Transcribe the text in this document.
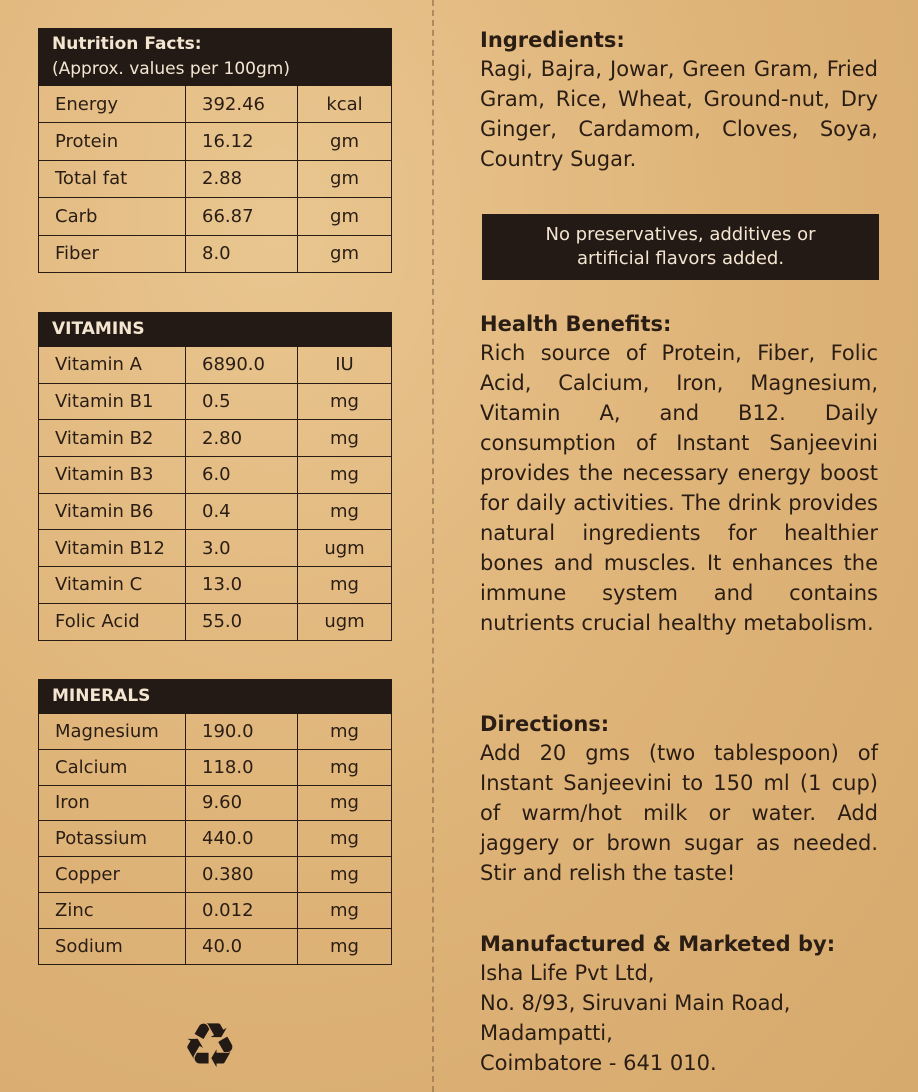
Nutrition Facts:
(Approx. values per 100gm)
Energy	392.46	kcal
Protein	16.12	gm
Total fat	2.88	gm
Carb	66.87	gm
Fiber	8.0	gm
VITAMINS
Vitamin A	6890.0	IU
Vitamin B1	0.5	mg
Vitamin B2	2.80	mg
Vitamin B3	6.0	mg
Vitamin B6	0.4	mg
Vitamin B12	3.0	ugm
Vitamin C	13.0	mg
Folic Acid	55.0	ugm
MINERALS
Magnesium	190.0	mg
Calcium	118.0	mg
Iron	9.60	mg
Potassium	440.0	mg
Copper	0.380	mg
Zinc	0.012	mg
Sodium	40.0	mg
♻
Ingredients:

Ragi, Bajra, Jowar, Green Gram, Fried Gram, Rice, Wheat, Ground-nut, Dry Ginger, Cardamom, Cloves, Soya, Country Sugar.

No preservatives, additives or artificial flavors added.
Health Benefits:

Rich source of Protein, Fiber, Folic Acid, Calcium, Iron, Magnesium, Vitamin A, and B12. Daily consumption of Instant Sanjeevini provides the necessary energy boost for daily activities. The drink provides natural ingredients for healthier bones and muscles. It enhances the immune system and contains nutrients crucial healthy metabolism.

Directions:

Add 20 gms (two tablespoon) of Instant Sanjeevini to 150 ml (1 cup) of warm/hot milk or water. Add jaggery or brown sugar as needed. Stir and relish the taste!

Manufactured & Marketed by:

Isha Life Pvt Ltd,

No. 8/93, Siruvani Main Road,

Madampatti,

Coimbatore - 641 010.
